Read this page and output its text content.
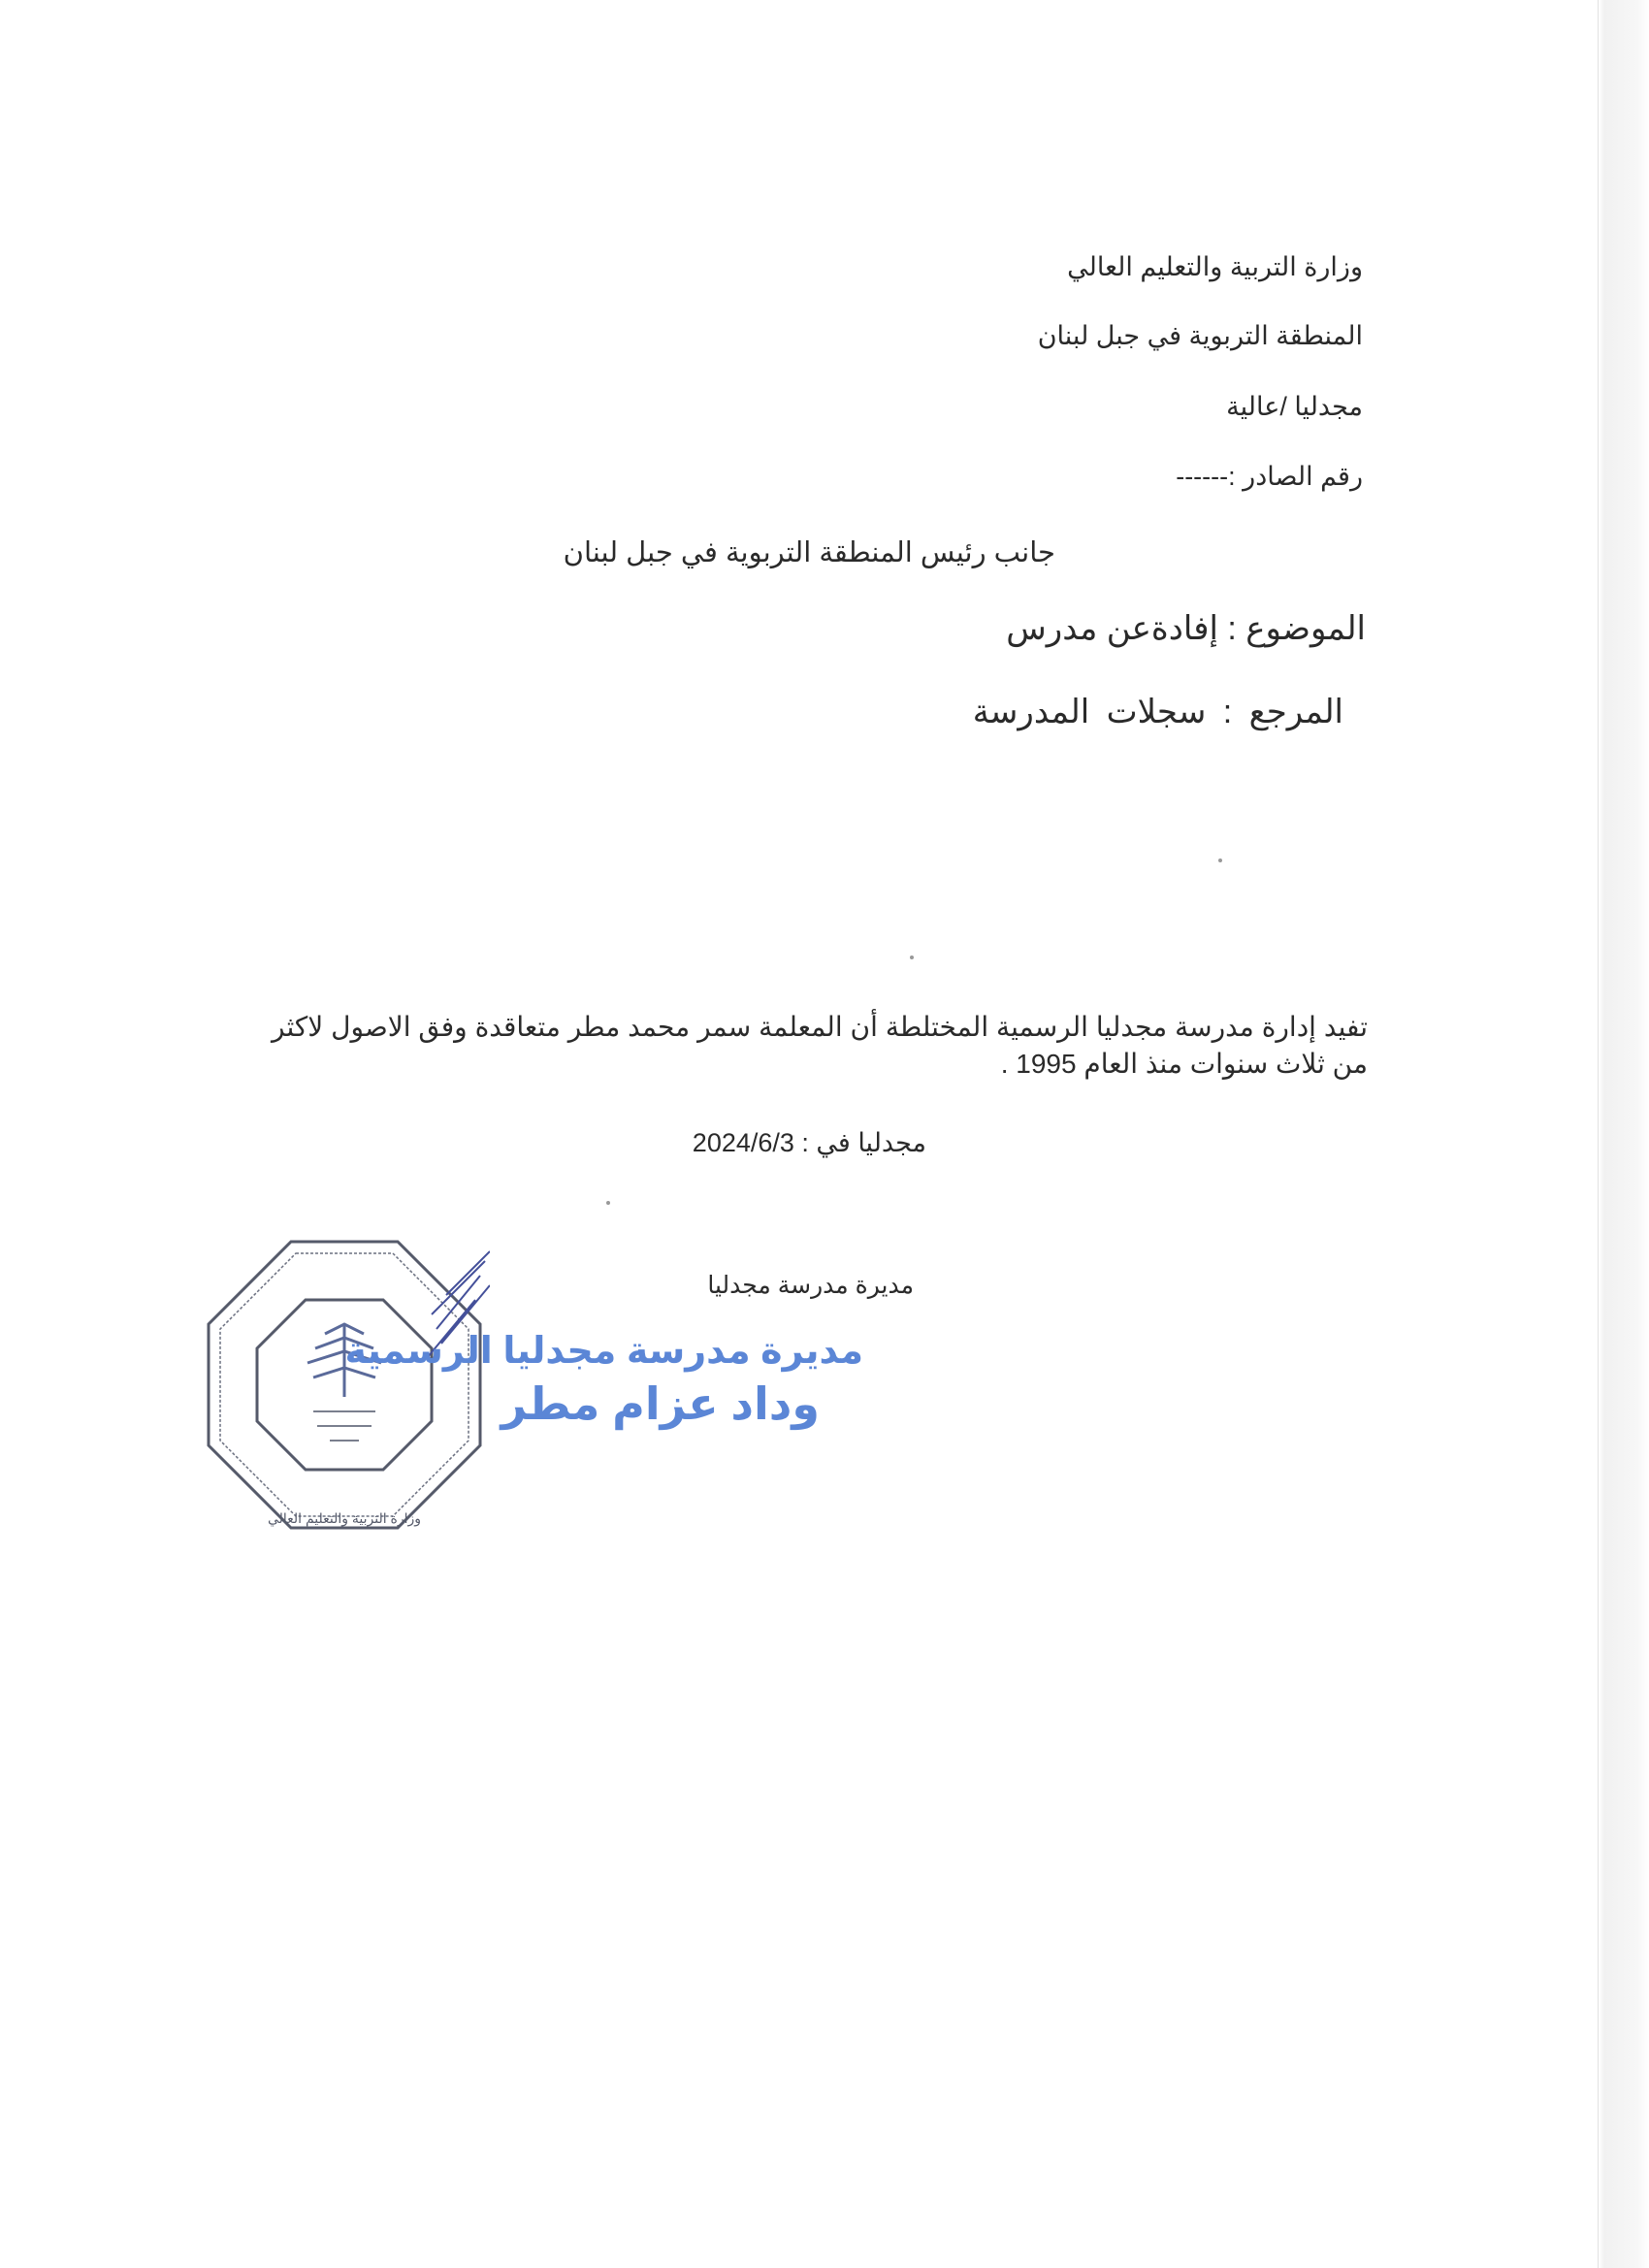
وزارة التربية والتعليم العالي
المنطقة التربوية في جبل لبنان
مجدليا /عالية
رقم الصادر :------
جانب رئيس المنطقة التربوية في جبل لبنان
الموضوع : إفادةعن مدرس
المرجع : سجلات المدرسة
تفيد إدارة مدرسة مجدليا الرسمية المختلطة أن المعلمة سمر محمد مطر متعاقدة وفق الاصول لاكثر من ثلاث سنوات منذ العام 1995 .
مجدليا في : 2024/6/3
مديرة مدرسة مجدليا
وزارة التربية والتعليم العالي
مديرة مدرسة مجدليا الرسمية
وداد عزام مطر
